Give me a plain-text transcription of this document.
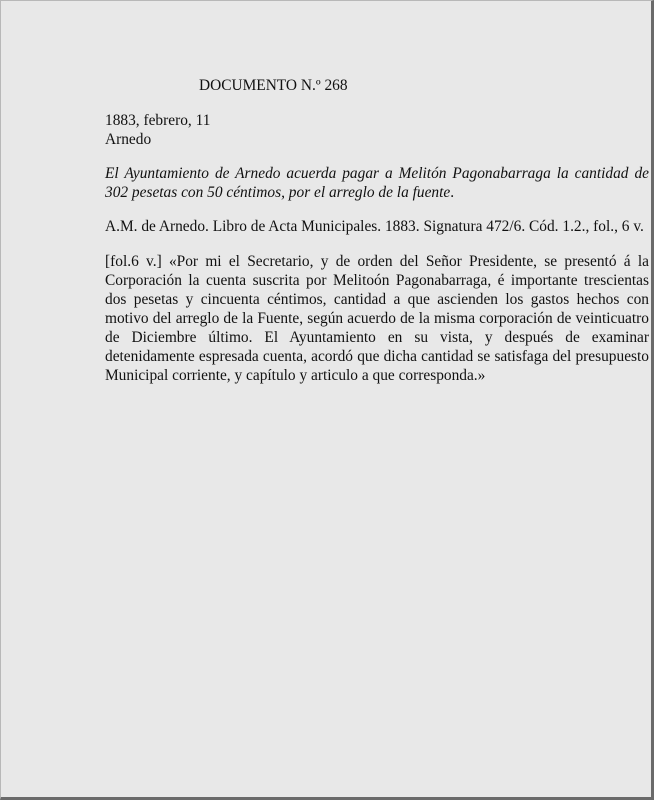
DOCUMENTO N.º 268
1883, febrero, 11
Arnedo

El Ayuntamiento de Arnedo acuerda pagar a Melitón Pagonabarraga la cantidad de 302 pesetas con 50 céntimos, por el arreglo de la fuente.

A.M. de Arnedo. Libro de Acta Municipales. 1883. Signatura 472/6. Cód. 1.2., fol., 6 v.

[fol.6 v.] «Por mi el Secretario, y de orden del Señor Presidente, se presentó á la Corporación la cuenta suscrita por Melitoón Pagonabarraga, é importante trescientas dos pesetas y cincuenta céntimos, cantidad a que ascienden los gastos hechos con motivo del arreglo de la Fuente, según acuerdo de la misma corporación de veinticuatro de Diciembre último. El Ayuntamiento en su vista, y después de examinar detenidamente espresada cuenta, acordó que dicha cantidad se satisfaga del presupuesto Municipal corriente, y capítulo y articulo a que corresponda.»
